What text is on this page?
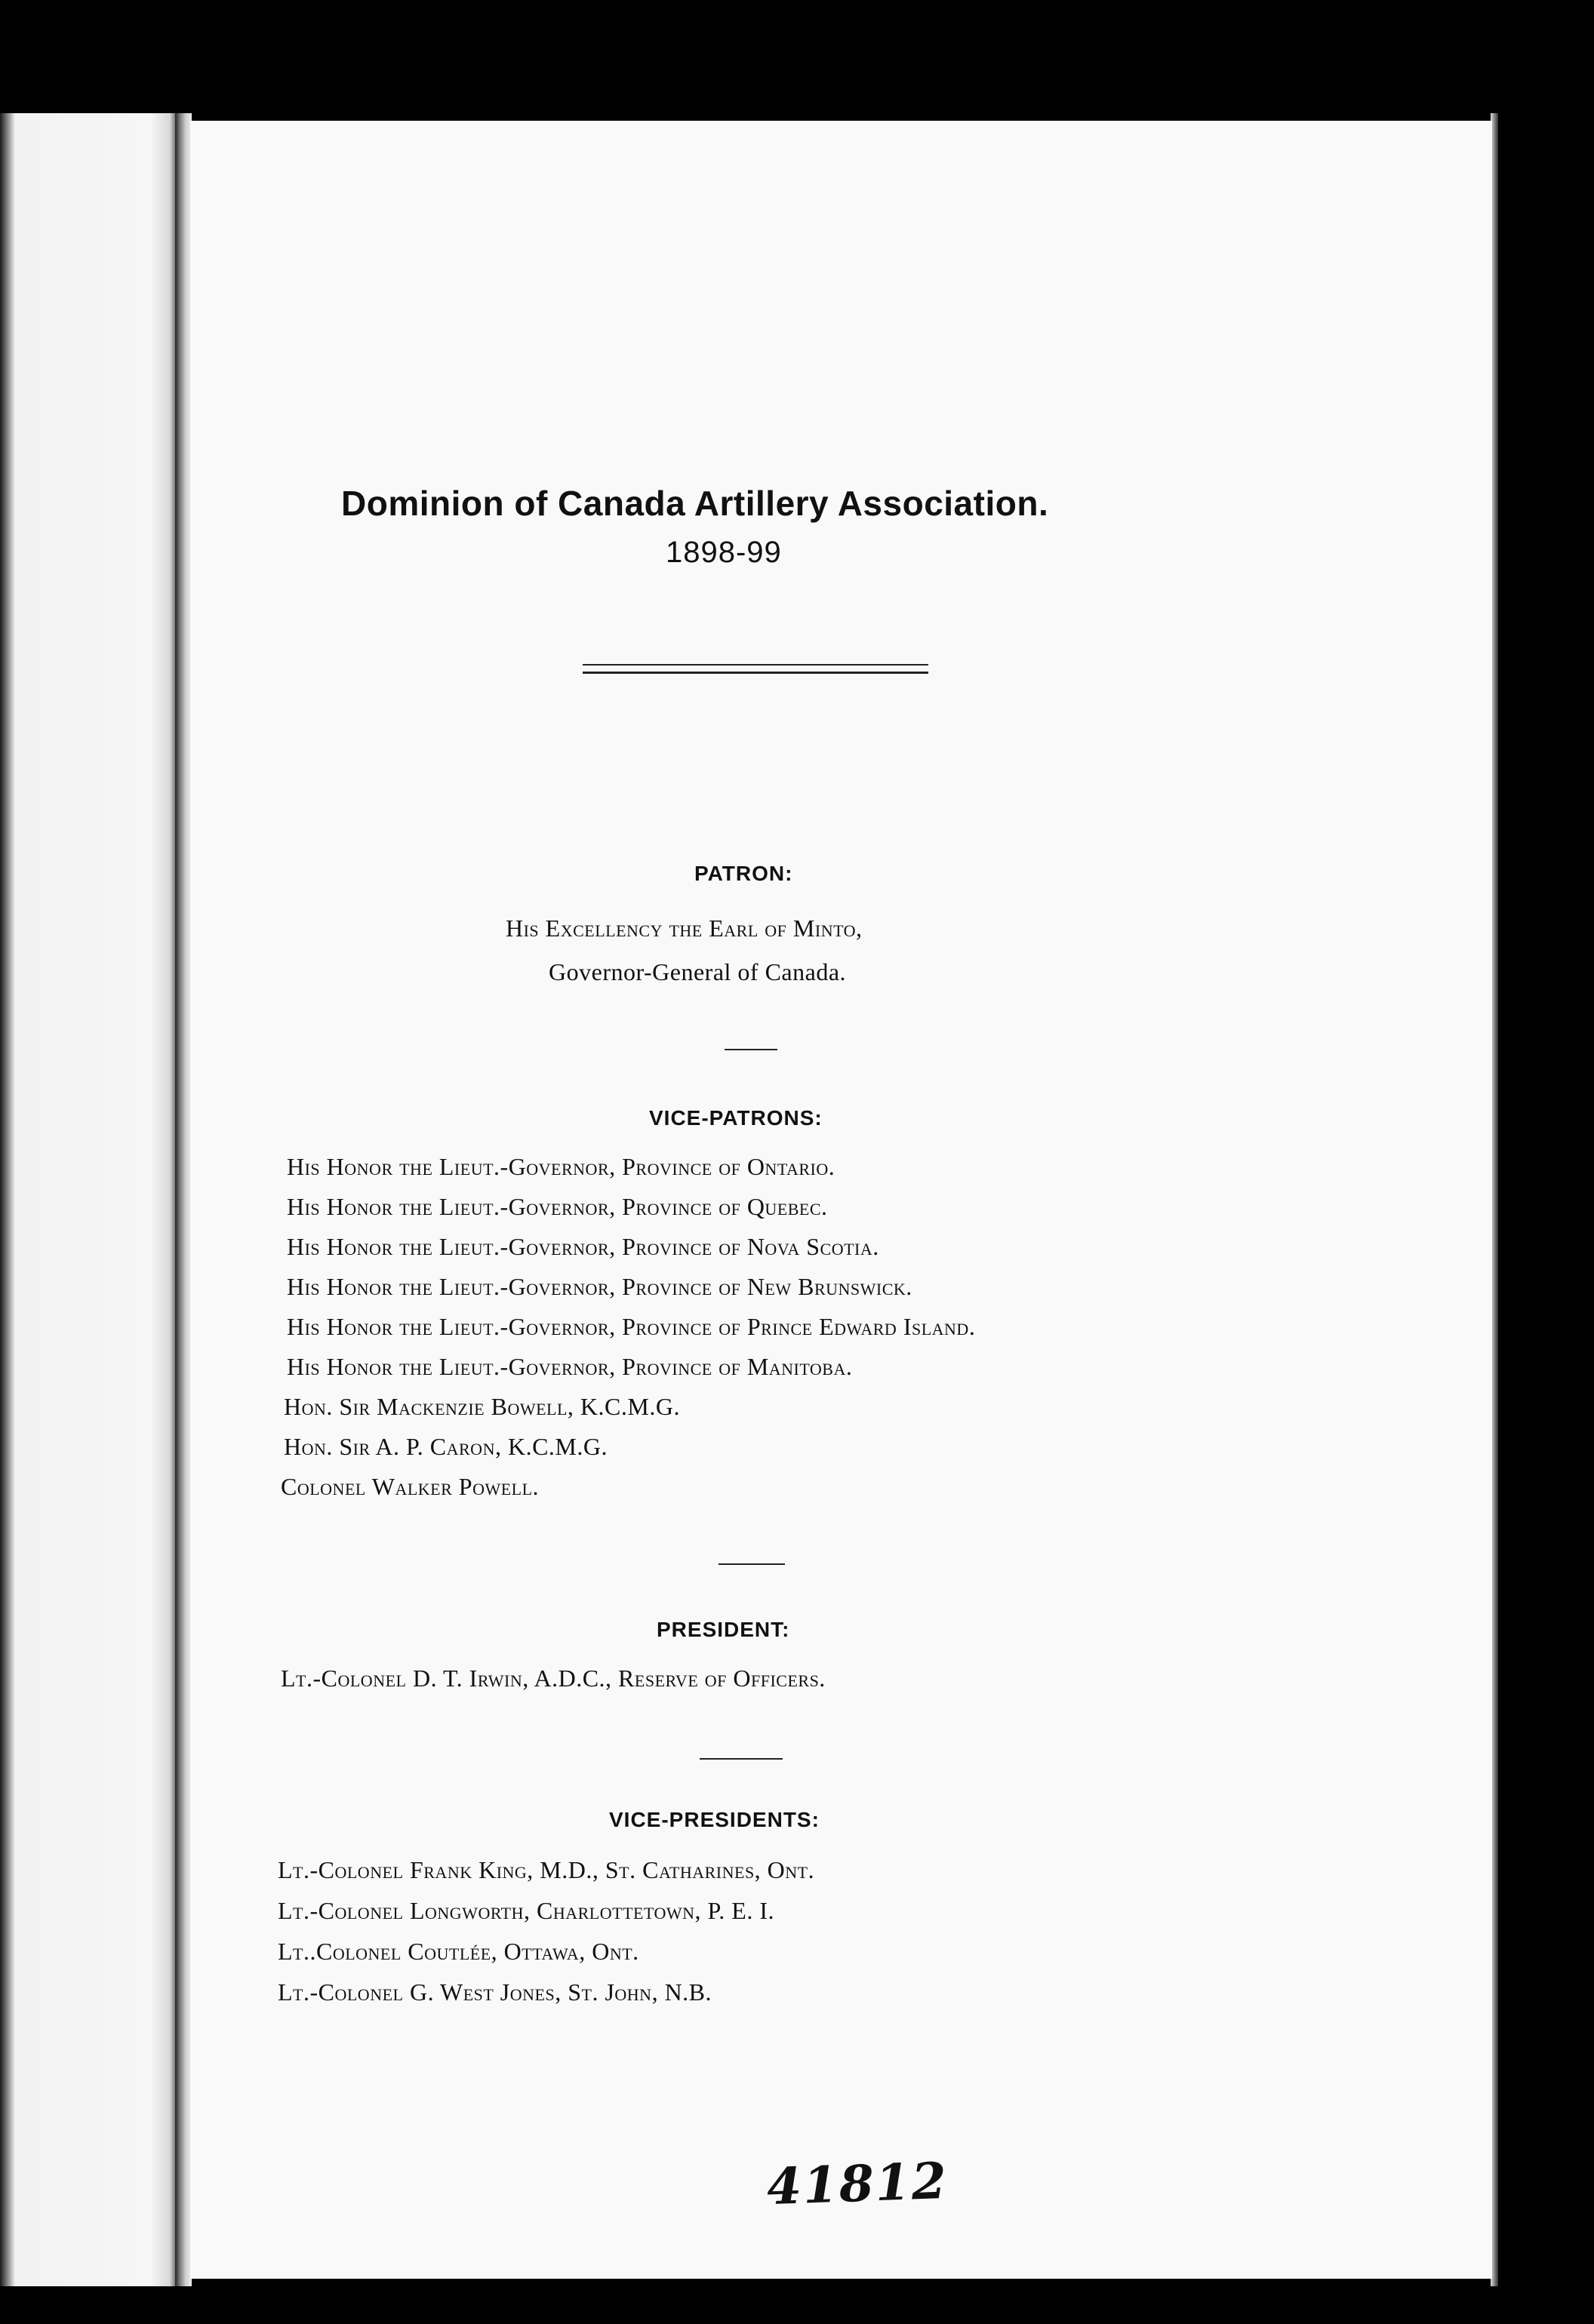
Dominion of Canada Artillery Association.
1898-99
PATRON:
His Excellency the Earl of Minto,
Governor-General of Canada.
VICE-PATRONS:
His Honor the Lieut.-Governor, Province of Ontario.
His Honor the Lieut.-Governor, Province of Quebec.
His Honor the Lieut.-Governor, Province of Nova Scotia.
His Honor the Lieut.-Governor, Province of New Brunswick.
His Honor the Lieut.-Governor, Province of Prince Edward Island.
His Honor the Lieut.-Governor, Province of Manitoba.
Hon. Sir Mackenzie Bowell, K.C.M.G.
Hon. Sir A. P. Caron, K.C.M.G.
Colonel Walker Powell.
PRESIDENT:
Lt.-Colonel D. T. Irwin, A.D.C., Reserve of Officers.
VICE-PRESIDENTS:
Lt.-Colonel Frank King, M.D., St. Catharines, Ont.
Lt.-Colonel Longworth, Charlottetown, P. E. I.
Lt..Colonel Coutlée, Ottawa, Ont.
Lt.-Colonel G. West Jones, St. John, N.B.
41812
